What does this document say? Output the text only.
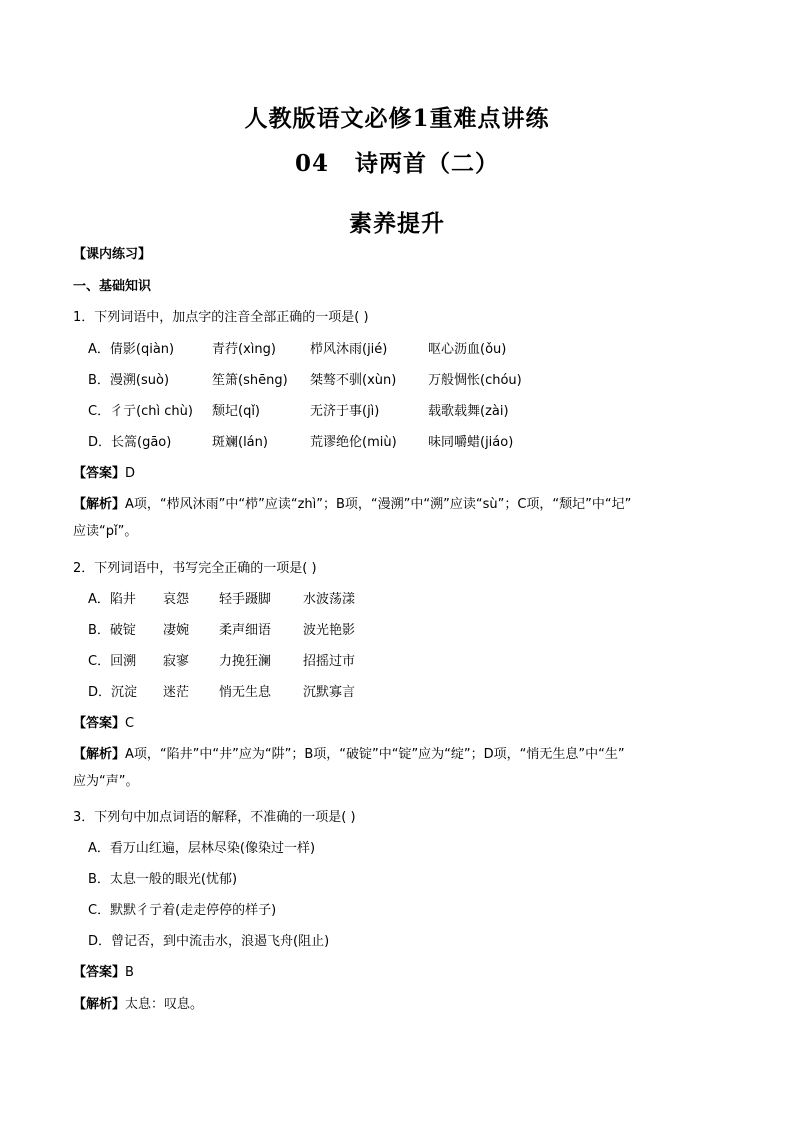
人教版语文必修1重难点讲练
04 诗两首（二）
素养提升
【课内练习】
一、基础知识
1．下列词语中，加点字的注音全部正确的一项是( )
A．倩影(qiàn)	青荇(xìng)	栉风沐雨(jié)	呕心沥血(ǒu)
B．漫溯(suò)	笙箫(shēng) 桀骜不驯(xùn) 万般惆怅(chóu)
C．彳亍(chì chù) 颓圮(qǐ)	无济于事(jì)	载歌载舞(zài)
D．长篙(gāo)	斑斓(lán)	荒谬绝伦(miù) 味同嚼蜡(jiáo)
【答案】D
【解析】A项，“栉风沐雨”中“栉”应读“zhì”；B项，“漫溯”中“溯”应读“sù”；C项，“颓圮”中“圮”
应读“pǐ”。
2．下列词语中，书写完全正确的一项是( )
A．陷井 哀怨 轻手蹑脚 水波荡漾
B．破锭 凄婉 柔声细语 波光艳影
C．回溯 寂寥 力挽狂澜 招摇过市
D．沉淀 迷茫 悄无生息 沉默寡言
【答案】C
【解析】A项，“陷井”中“井”应为“阱”；B项，“破锭”中“锭”应为“绽”；D项，“悄无生息”中“生”
应为“声”。
3．下列句中加点词语的解释，不准确的一项是( )
A．看万山红遍，层林尽染(像染过一样)
B．太息一般的眼光(忧郁)
C．默默彳亍着(走走停停的样子)
D．曾记否，到中流击水，浪遏飞舟(阻止)
【答案】B
【解析】太息：叹息。
